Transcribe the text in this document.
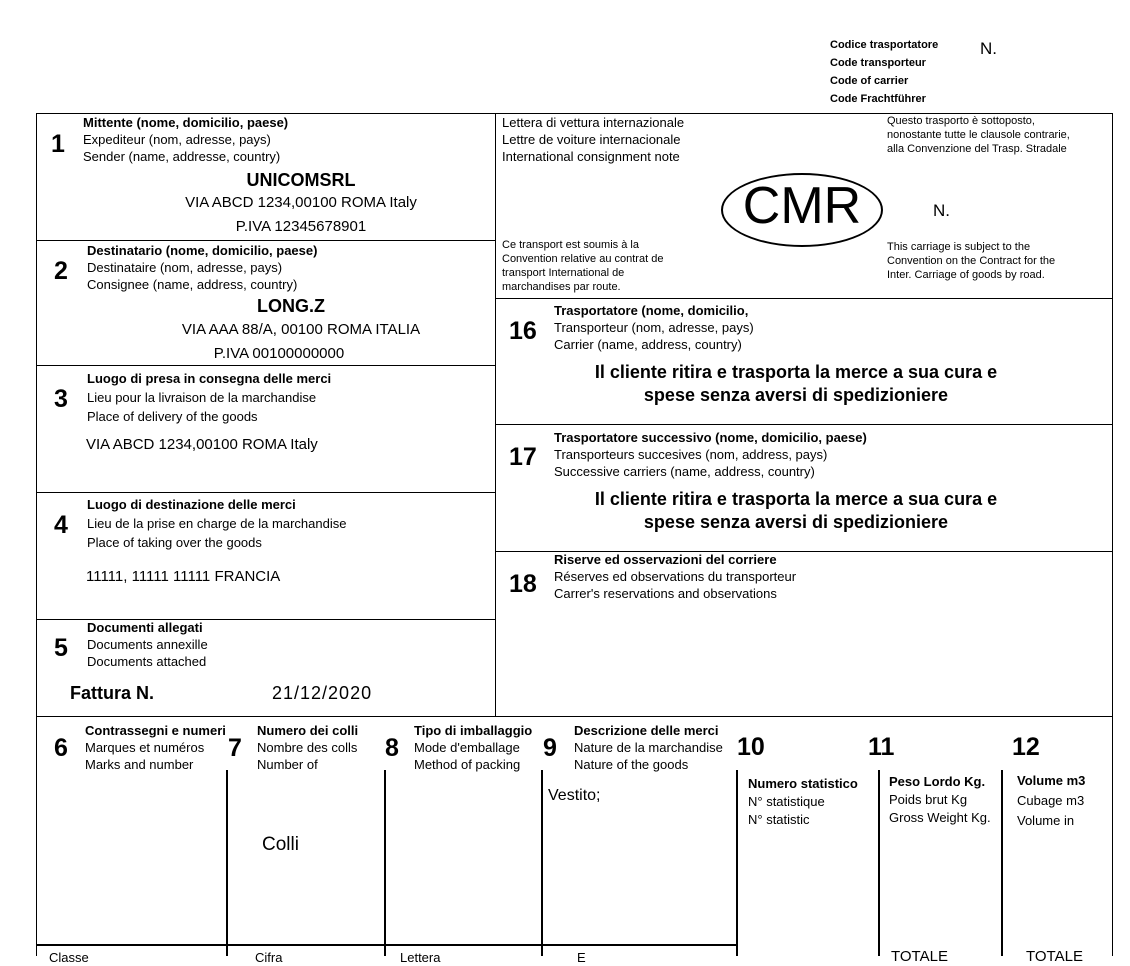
Codice trasportatore
Code transporteur
Code of carrier
Code Frachtführer
N.
1
Mittente (nome, domicilio, paese)
Expediteur (nom, adresse, pays)
Sender (name, addresse, country)
UNICOMSRL
VIA ABCD 1234,00100 ROMA Italy
P.IVA 12345678901
2
Destinatario (nome, domicilio, paese)
Destinataire (nom, adresse, pays)
Consignee (name, address, country)
LONG.Z
VIA AAA 88/A, 00100 ROMA ITALIA
P.IVA 00100000000
3
Luogo di presa in consegna delle merci
Lieu pour la livraison de la marchandise
Place of delivery of the goods
VIA ABCD 1234,00100 ROMA Italy
4
Luogo di destinazione delle merci
Lieu de la prise en charge de la marchandise
Place of taking over the goods
11111, 11111 11111 FRANCIA
5
Documenti allegati
Documents annexille
Documents attached
Fattura N.	21/12/2020
Lettera di vettura internazionale
Lettre de voiture internacionale
International consignment note
Questo trasporto è sottoposto,
nonostante tutte le clausole contrarie,
alla Convenzione del Trasp. Stradale
CMR	N.
Ce transport est soumis à la
Convention relative au contrat de
transport International de
marchandises par route.
This carriage is subject to the
Convention on the Contract for the
Inter. Carriage of goods by road.
16
Trasportatore (nome, domicilio,
Transporteur (nom, adresse, pays)
Carrier (name, address, country)
Il cliente ritira e trasporta la merce a sua cura e
spese senza aversi di spedizioniere
17
Trasportatore successivo (nome, domicilio, paese)
Transporteurs succesives (nom, address, pays)
Successive carriers (name, address, country)
Il cliente ritira e trasporta la merce a sua cura e
spese senza aversi di spedizioniere
18
Riserve ed osservazioni del corriere
Réserves ed observations du transporteur
Carrer's reservations and observations
6
Contrassegni e numeri
Marques et numéros
Marks and number
7
Numero dei colli
Nombre des colls
Number of
Colli
8
Tipo di imballaggio
Mode d'emballage
Method of packing
9
Descrizione delle merci
Nature de la marchandise
Nature of the goods
Vestito;
10
Numero statistico
N° statistique
N° statistic
11
Peso Lordo Kg.
Poids brut Kg
Gross Weight Kg.
TOTALE
12
Volume m3
Cubage m3
Volume in
TOTALE
Classe	Cifra	Lettera	E
